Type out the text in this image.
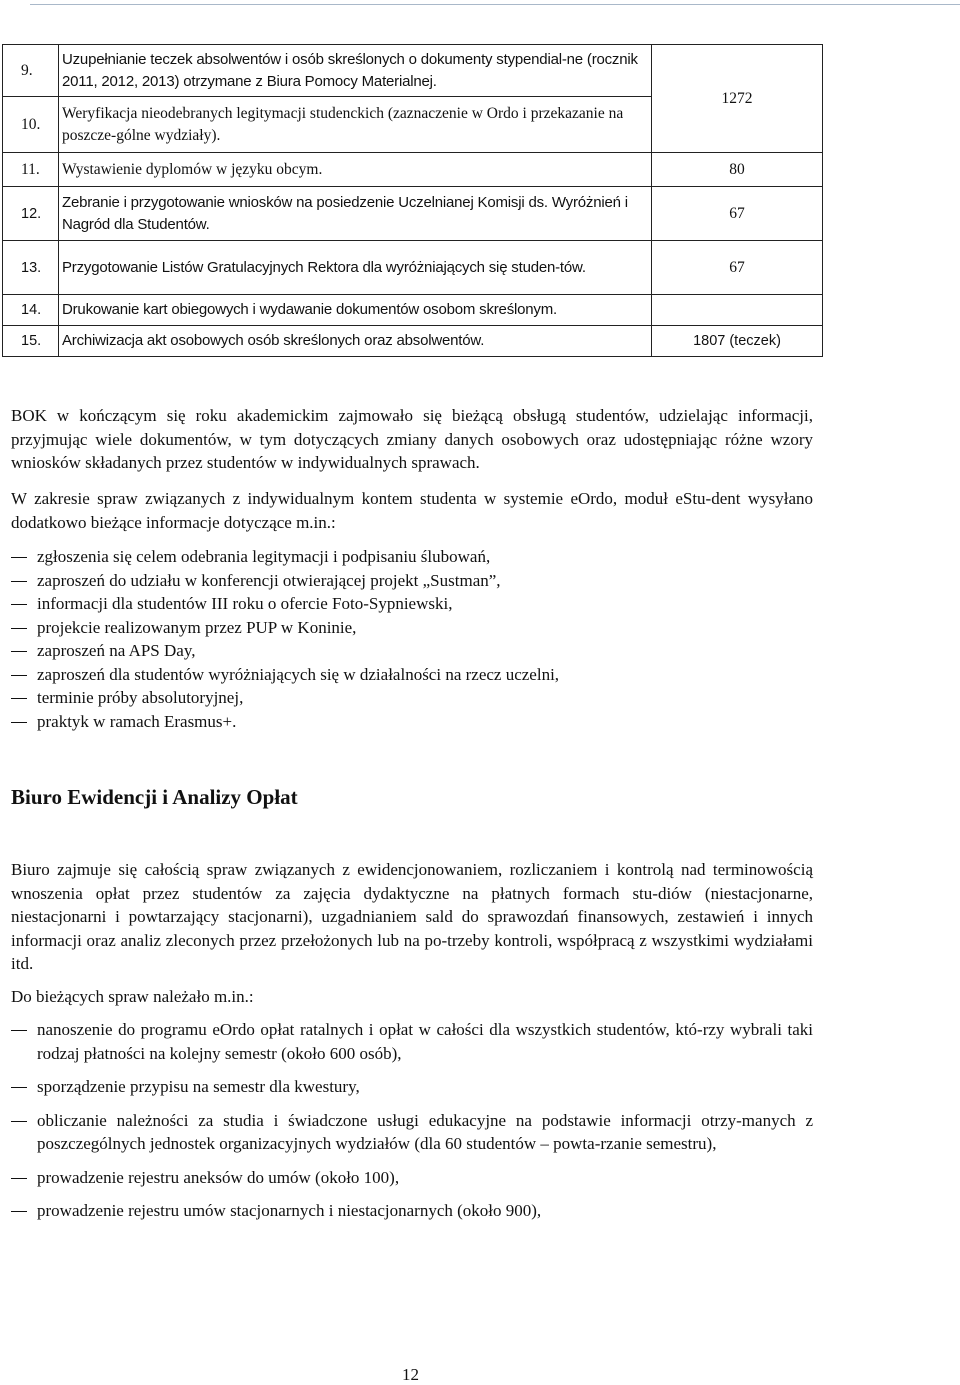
9.	Uzupełnianie teczek absolwentów i osób skreślonych o dokumenty stypendial-ne (rocznik 2011, 2012, 2013) otrzymane z Biura Pomocy Materialnej.	1272
10.	Weryfikacja nieodebranych legitymacji studenckich (zaznaczenie w Ordo i przekazanie na poszcze-gólne wydziały).	
11.	Wystawienie dyplomów w języku obcym.	80
12.	Zebranie i przygotowanie wniosków na posiedzenie Uczelnianej Komisji ds. Wyróżnień i Nagród dla Studentów.	67
13.	Przygotowanie Listów Gratulacyjnych Rektora dla wyróżniających się studen-tów.	67
14.	Drukowanie kart obiegowych i wydawanie dokumentów osobom skreślonym.	
15.	Archiwizacja akt osobowych osób skreślonych oraz absolwentów.	1807 (teczek)

BOK w kończącym się roku akademickim zajmowało się bieżącą obsługą studentów, udzielając informacji, przyjmując wiele dokumentów, w tym dotyczących zmiany danych osobowych oraz udostępniając różne wzory wniosków składanych przez studentów w indywidualnych sprawach.

W zakresie spraw związanych z indywidualnym kontem studenta w systemie eOrdo, moduł eStu-dent wysyłano dodatkowo bieżące informacje dotyczące m.in.:

zgłoszenia się celem odebrania legitymacji i podpisaniu ślubowań,
zaproszeń do udziału w konferencji otwierającej projekt „Sustman”,
informacji dla studentów III roku o ofercie Foto-Sypniewski,
projekcie realizowanym przez PUP w Koninie,
zaproszeń na APS Day,
zaproszeń dla studentów wyróżniających się w działalności na rzecz uczelni,
terminie próby absolutoryjnej,
praktyk w ramach Erasmus+.
Biuro Ewidencji i Analizy Opłat

Biuro zajmuje się całością spraw związanych z ewidencjonowaniem, rozliczaniem i kontrolą nad terminowością wnoszenia opłat przez studentów za zajęcia dydaktyczne na płatnych formach stu-diów (niestacjonarne, niestacjonarni i powtarzający stacjonarni), uzgadnianiem sald do sprawozdań finansowych, zestawień i innych informacji oraz analiz zleconych przez przełożonych lub na po-trzeby kontroli, współpracą z wszystkimi wydziałami itd.

Do bieżących spraw należało m.in.:

nanoszenie do programu eOrdo opłat ratalnych i opłat w całości dla wszystkich studentów, któ-rzy wybrali taki rodzaj płatności na kolejny semestr (około 600 osób),
sporządzenie przypisu na semestr dla kwestury,
obliczanie należności za studia i świadczone usługi edukacyjne na podstawie informacji otrzy-manych z poszczególnych jednostek organizacyjnych wydziałów (dla 60 studentów – powta-rzanie semestru),
prowadzenie rejestru aneksów do umów (około 100),
prowadzenie rejestru umów stacjonarnych i niestacjonarnych (około 900),
12
